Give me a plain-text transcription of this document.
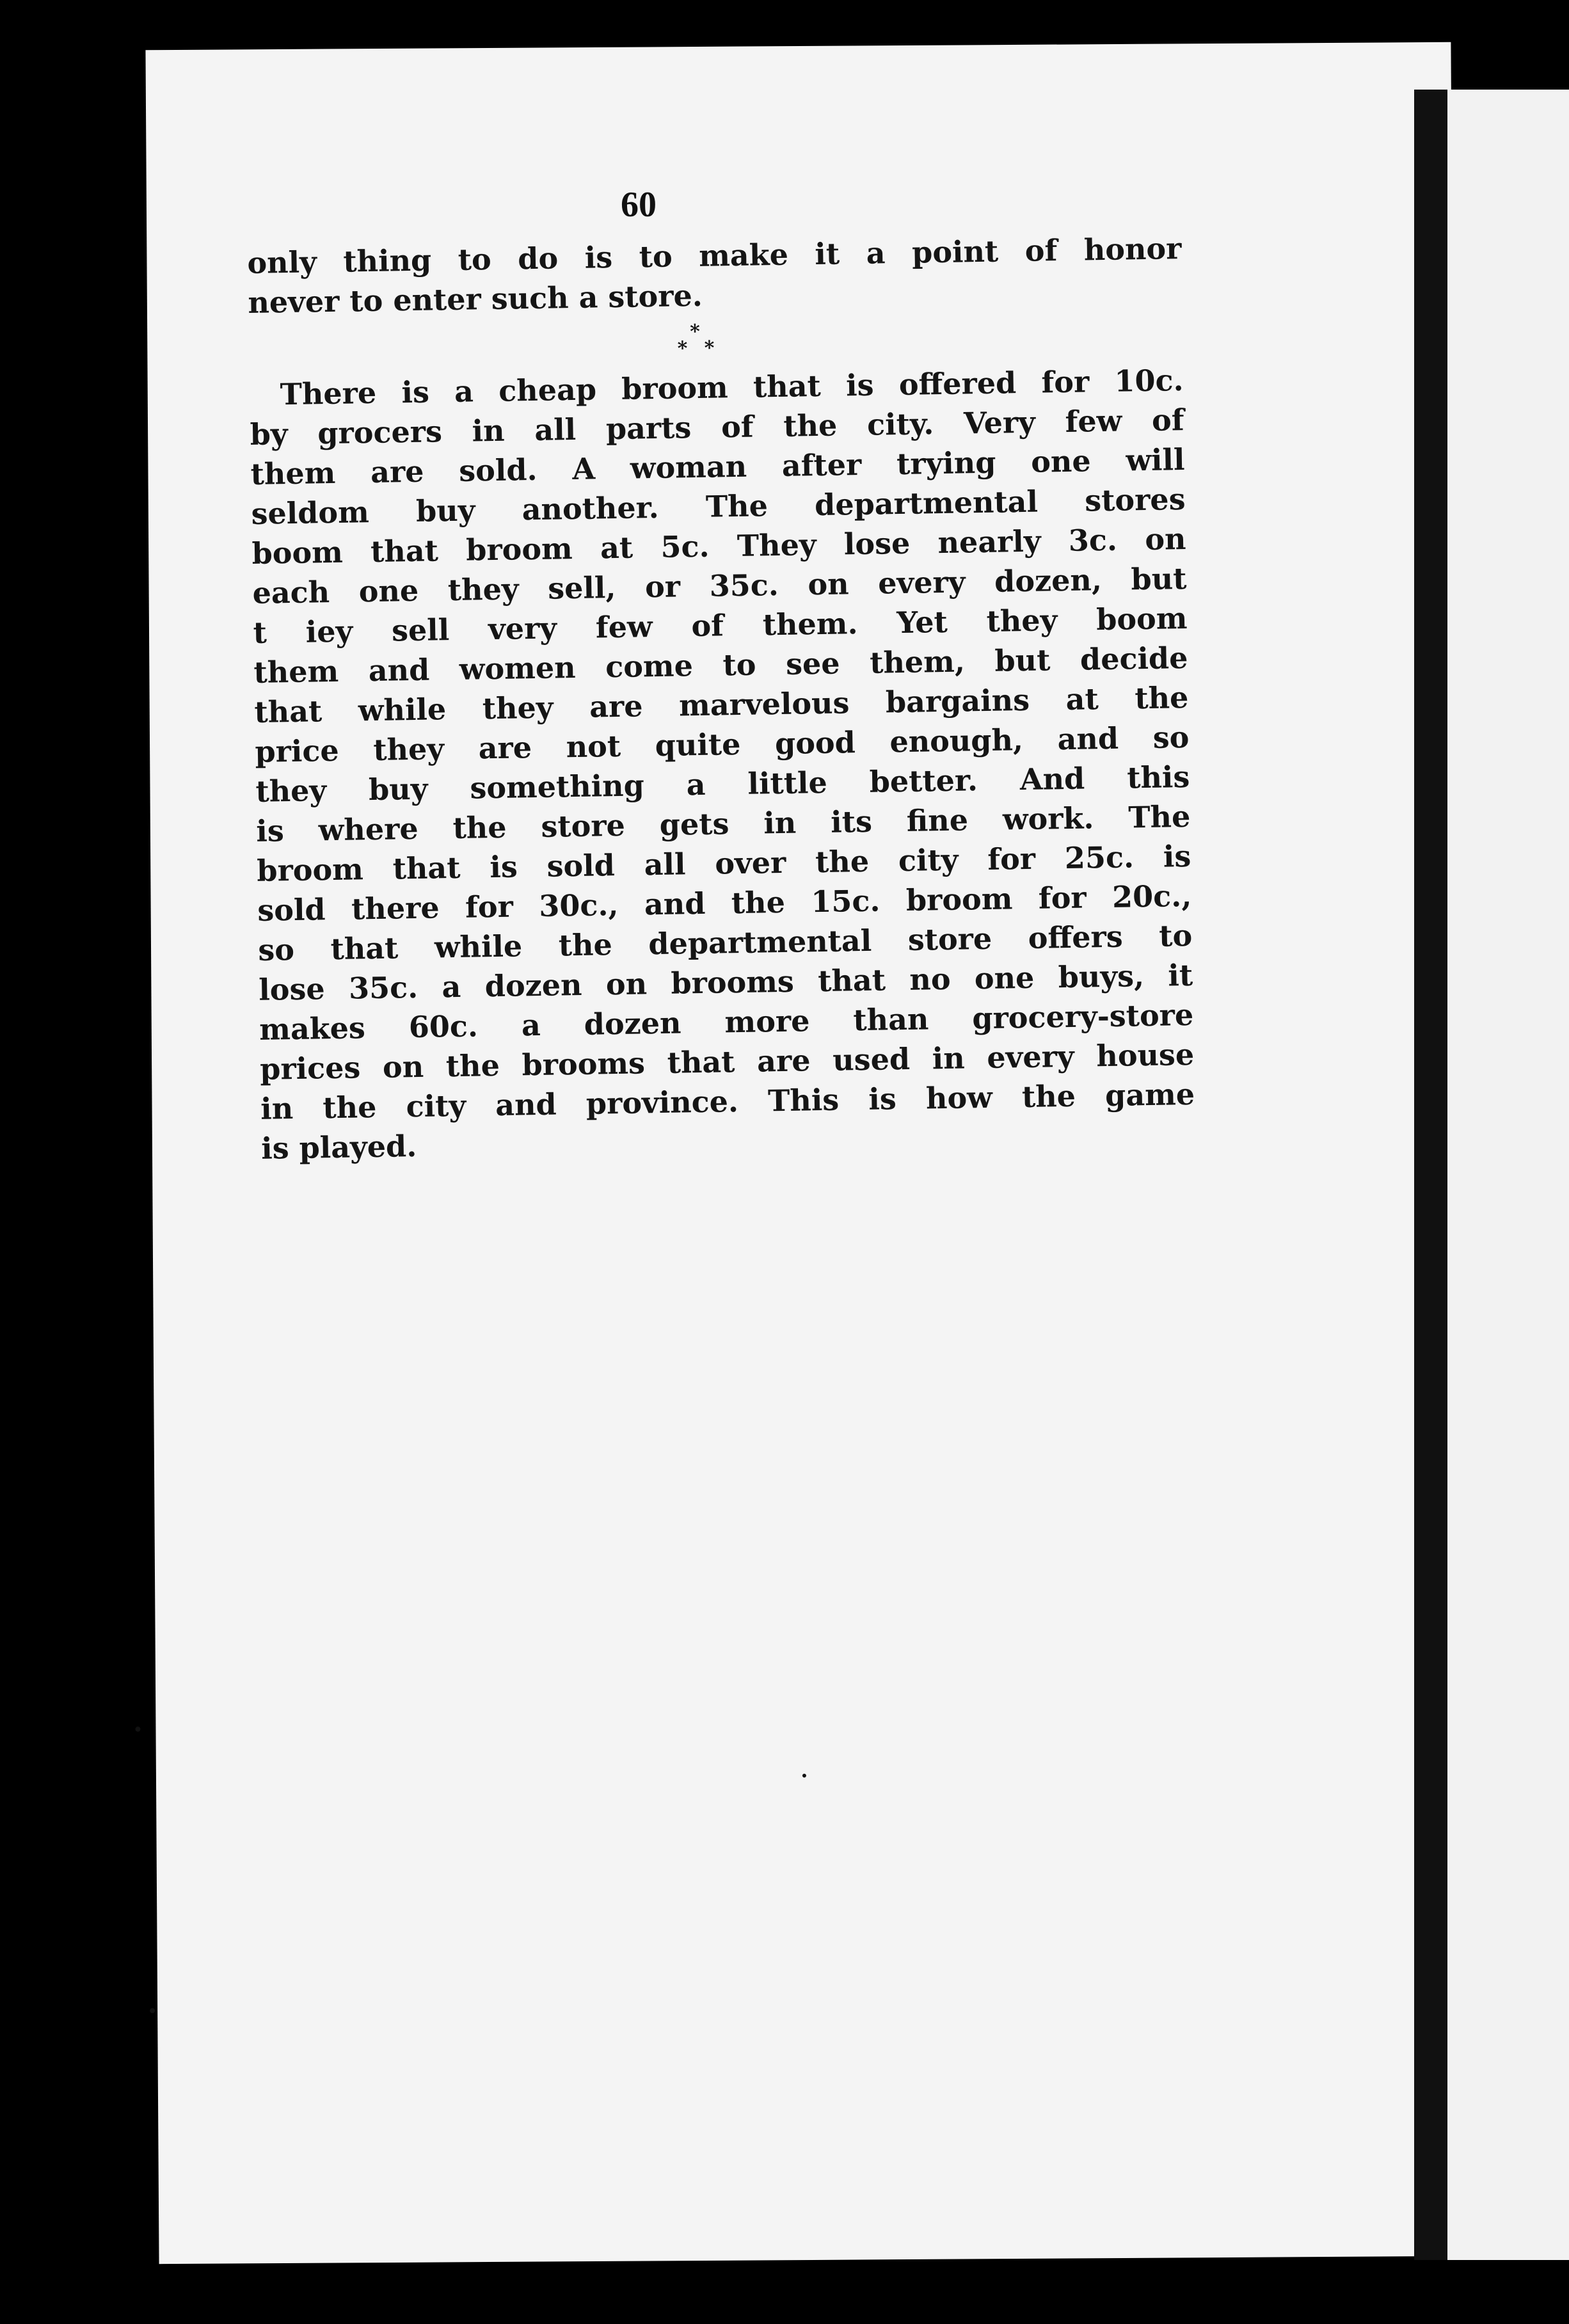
60
only thing to do is to make it a point of honor
never to enter such a store.
*
* *
There is a cheap broom that is offered for 10c.
by grocers in all parts of the city. Very few of
them are sold. A woman after trying one will
seldom buy another. The departmental stores
boom that broom at 5c. They lose nearly 3c. on
each one they sell, or 35c. on every dozen, but
t iey sell very few of them. Yet they boom
them and women come to see them, but decide
that while they are marvelous bargains at the
price they are not quite good enough, and so
they buy something a little better. And this
is where the store gets in its fine work. The
broom that is sold all over the city for 25c. is
sold there for 30c., and the 15c. broom for 20c.,
so that while the departmental store offers to
lose 35c. a dozen on brooms that no one buys, it
makes 60c. a dozen more than grocery-store
prices on the brooms that are used in every house
in the city and province. This is how the game
is played.
